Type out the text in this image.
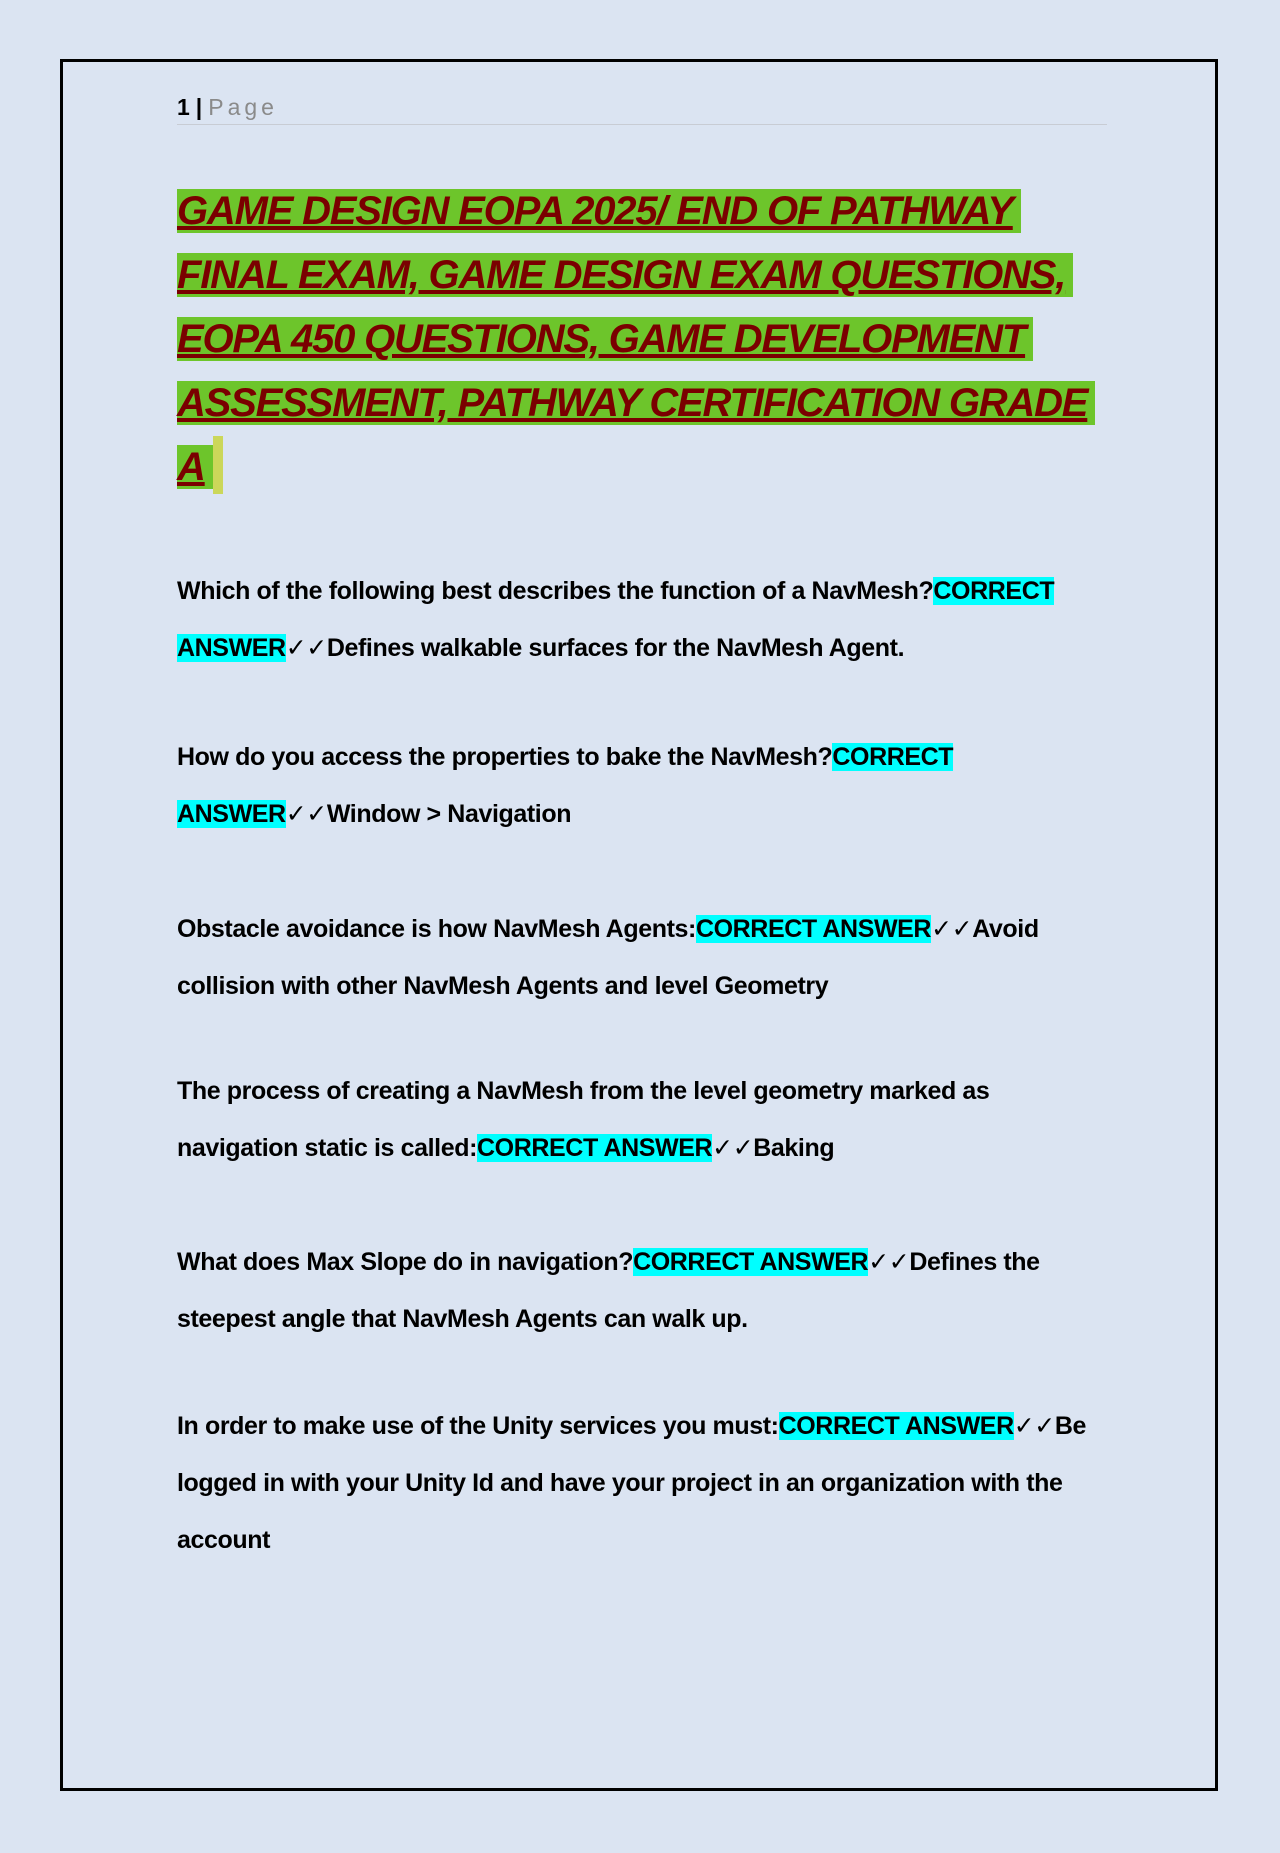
1 | Page
GAME DESIGN EOPA 2025/ END OF PATHWAY FINAL EXAM, GAME DESIGN EXAM QUESTIONS, EOPA 450 QUESTIONS, GAME DEVELOPMENT ASSESSMENT, PATHWAY CERTIFICATION GRADE A
Which of the following best describes the function of a NavMesh?CORRECT ANSWER✓✓Defines walkable surfaces for the NavMesh Agent.
How do you access the properties to bake the NavMesh?CORRECT ANSWER✓✓Window > Navigation
Obstacle avoidance is how NavMesh Agents:CORRECT ANSWER✓✓Avoid collision with other NavMesh Agents and level Geometry
The process of creating a NavMesh from the level geometry marked as navigation static is called:CORRECT ANSWER✓✓Baking
What does Max Slope do in navigation?CORRECT ANSWER✓✓Defines the steepest angle that NavMesh Agents can walk up.
In order to make use of the Unity services you must:CORRECT ANSWER✓✓Be logged in with your Unity Id and have your project in an organization with the account
